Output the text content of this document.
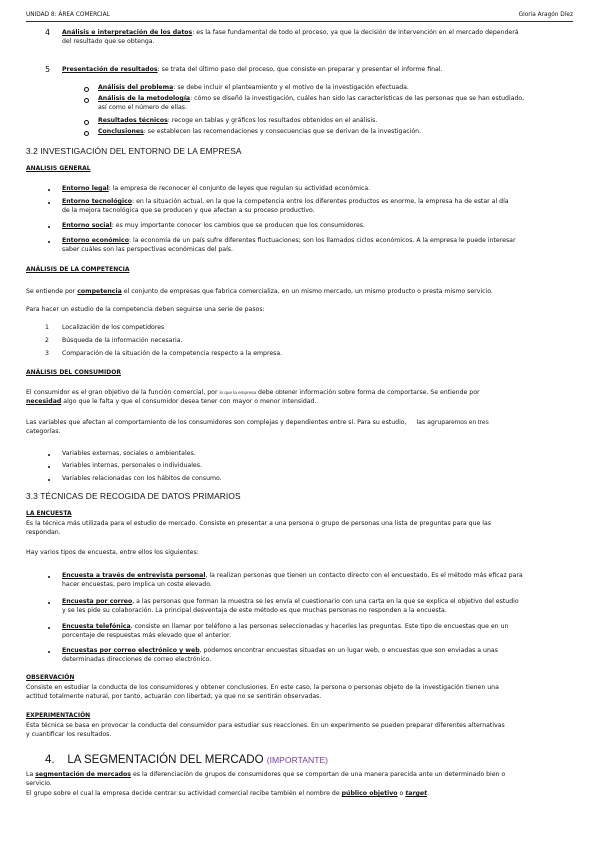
UNIDAD 8: ÁREA COMERCIAL	Gloria Aragón Díez
4 Análisis e interpretación de los datos: es la fase fundamental de todo el proceso, ya que la decisión de intervención en el mercado dependerá
del resultado que se obtenga.
5 Presentación de resultados: se trata del último paso del proceso, que consiste en preparar y presentar el informe final.
Análisis del problema: se debe incluir el planteamiento y el motivo de la investigación efectuada.
Análisis de la metodología: cómo se diseñó la investigación, cuáles han sido las características de las personas que se han estudiado,
así como el número de ellas.
Resultados técnicos: recoge en tablas y gráficos los resultados obtenidos en el análisis.
Conclusiones: se establecen las recomendaciones y consecuencias que se derivan de la investigación.
3.2 INVESTIGACIÓN DEL ENTORNO DE LA EMPRESA
ANALISIS GENERAL
Entorno legal: la empresa de reconocer el conjunto de leyes que regulan su actividad económica.
Entorno tecnológico: en la situación actual, en la que la competencia entre los diferentes productos es enorme, la empresa ha de estar al día
de la mejora tecnológica que se producen y que afectan a su proceso productivo.
Entorno social: es muy importante conocer los cambios que se producen que los consumidores.
Entorno económico: la economía de un país sufre diferentes fluctuaciones; son los llamados ciclos económicos. A la empresa le puede interesar
saber cuáles son las perspectivas económicas del país.
ANÁLISIS DE LA COMPETENCIA
Se entiende por competencia el conjunto de empresas que fabrica comercializa, en un mismo mercado, un mismo producto o presta mismo servicio.
Para hacer un estudio de la competencia deben seguirse una serie de pasos:
1 Localización de los competidores
2 Búsqueda de la información necesaria.
3 Comparación de la situación de la competencia respecto a la empresa.
ANÁLISIS DEL CONSUMIDOR
El consumidor es el gran objetivo de la función comercial, por lo que la empresa debe obtener información sobre forma de comportarse. Se entiende por
necesidad algo que le falta y que el consumidor desea tener con mayor o menor intensidad.
Las variables que afectan al comportamiento de los consumidores son complejas y dependientes entre sí. Para su estudio, las agruparemos en tres
categorías.
Variables externas, sociales o ambientales.
Variables internas, personales o individuales.
Variables relacionadas con los hábitos de consumo.
3.3 TÉCNICAS DE RECOGIDA DE DATOS PRIMARIOS
LA ENCUESTA
Es la técnica más utilizada para el estudio de mercado. Consiste en presentar a una persona o grupo de personas una lista de preguntas para que las
respondan.
Hay varios tipos de encuesta, entre ellos los siguientes:
Encuesta a través de entrevista personal, la realizan personas que tienen un contacto directo con el encuestado. Es el método más eficaz para
hacer encuestas, pero implica un coste elevado.
Encuesta por correo, a las personas que forman la muestra se les envía el cuestionario con una carta en la que se explica el objetivo del estudio
y se les pide su colaboración. La principal desventaja de este método es que muchas personas no responden a la encuesta.
Encuesta telefónica, consiste en llamar por teléfono a las personas seleccionadas y hacerles las preguntas. Este tipo de encuestas que en un
porcentaje de respuestas más elevado que el anterior.
Encuestas por correo electrónico y web, podemos encontrar encuestas situadas en un lugar web, o encuestas que son enviadas a unas
determinadas direcciones de correo electrónico.
OBSERVACIÓN
Consiste en estudiar la conducta de los consumidores y obtener conclusiones. En este caso, la persona o personas objeto de la investigación tienen una
actitud totalmente natural, por tanto, actuarán con libertad, ya que no se sentirán observadas.
EXPERIMENTACIÓN
Esta técnica se basa en provocar la conducta del consumidor para estudiar sus reacciones. En un experimento se pueden preparar diferentes alternativas
y cuantificar los resultados.
4. LA SEGMENTACIÓN DEL MERCADO (IMPORTANTE)
La segmentación de mercados es la diferenciación de grupos de consumidores que se comportan de una manera parecida ante un determinado bien o
servicio.
El grupo sobre el cual la empresa decide centrar su actividad comercial recibe también el nombre de público objetivo o target.
